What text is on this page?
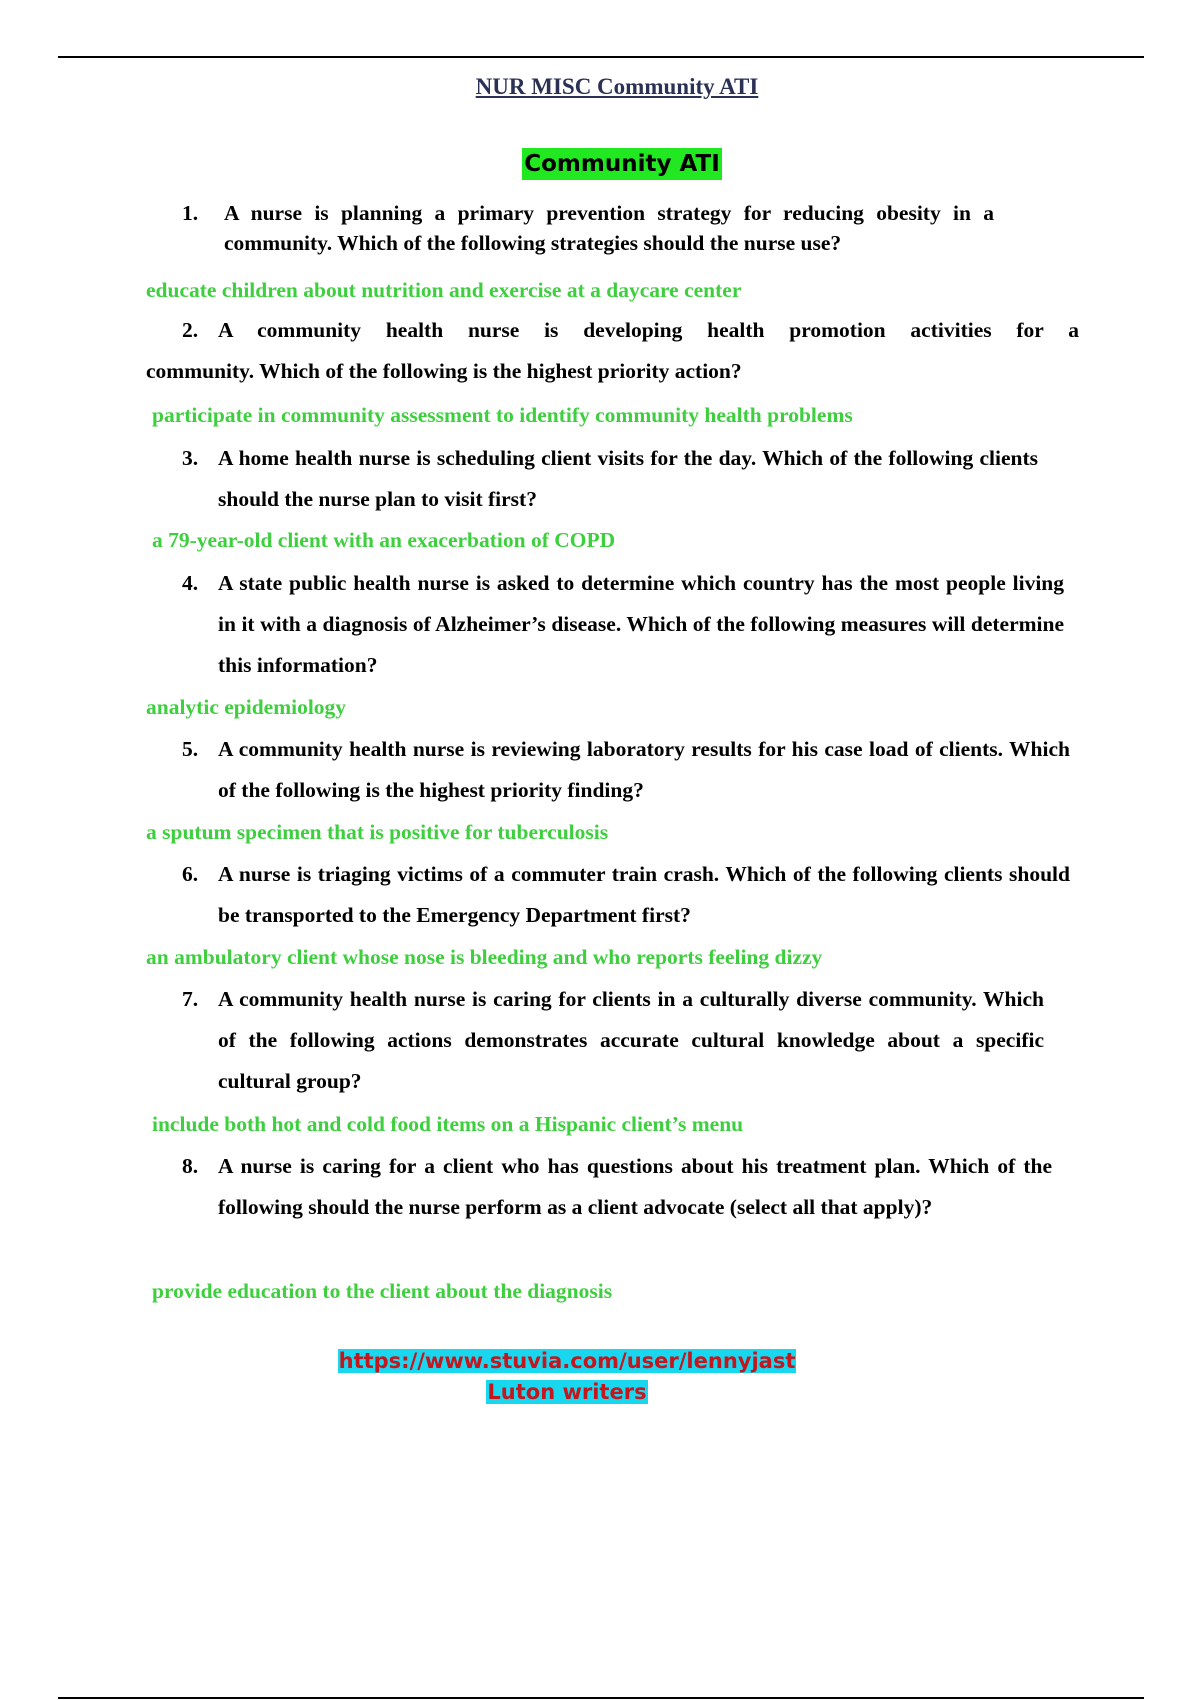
NUR MISC Community ATI
Community ATI
1.	A nurse is planning a primary prevention strategy for reducing obesity in a community. Which of the following strategies should the nurse use?
educate children about nutrition and exercise at a daycare center
2. A community health nurse is developing health promotion activities for a
community. Which of the following is the highest priority action?
participate in community assessment to identify community health problems
3. A home health nurse is scheduling client visits for the day. Which of the following clients should the nurse plan to visit first?
a 79-year-old client with an exacerbation of COPD
4. A state public health nurse is asked to determine which country has the most people living in it with a diagnosis of Alzheimer’s disease. Which of the following measures will determine this information?
analytic epidemiology
5. A community health nurse is reviewing laboratory results for his case load of clients. Which of the following is the highest priority finding?
a sputum specimen that is positive for tuberculosis
6. A nurse is triaging victims of a commuter train crash. Which of the following clients should be transported to the Emergency Department first?
an ambulatory client whose nose is bleeding and who reports feeling dizzy
7. A community health nurse is caring for clients in a culturally diverse community. Which of the following actions demonstrates accurate cultural knowledge about a specific cultural group?
include both hot and cold food items on a Hispanic client’s menu
8. A nurse is caring for a client who has questions about his treatment plan. Which of the following should the nurse perform as a client advocate (select all that apply)?
provide education to the client about the diagnosis
https://www.stuvia.com/user/lennyjast
Luton writers
